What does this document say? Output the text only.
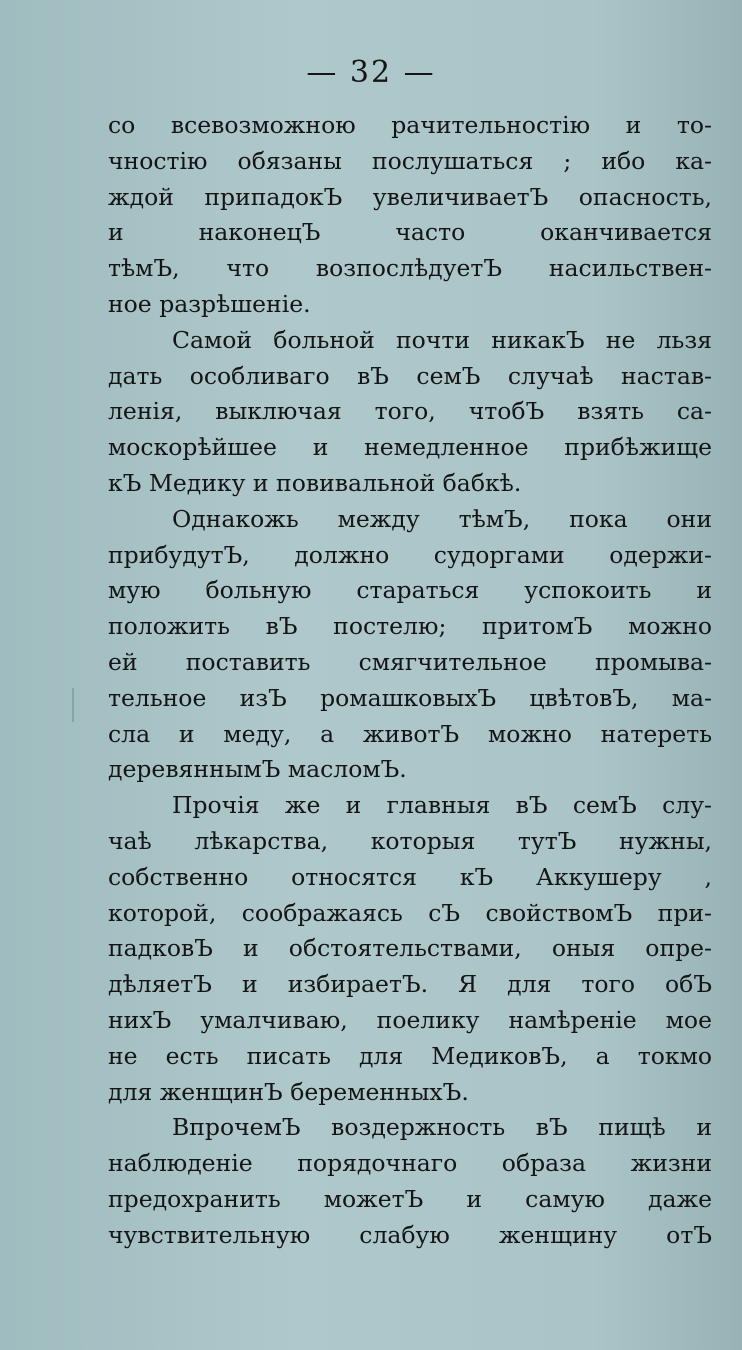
— 32 —
со всевозможною рачительностію и то-
чностію обязаны послушаться ; ибо ка-
ждой припадокЪ увеличиваетЪ опасность,
и наконецЪ часто оканчивается
тѣмЪ, что возпослѣдуетЪ насильствен-
ное разрѣшеніе.
Самой больной почти никакЪ не льзя
дать особливаго вЪ семЪ случаѣ настав-
ленія, выключая того, чтобЪ взять са-
мoскорѣйшее и немедленное прибѣжище
кЪ Медику и повивальной бабкѣ.
Однакожь между тѣмЪ, пока они
прибудутЪ, должно судоргами одержи-
мую больную стараться успокоить и
положить вЪ постелю; притомЪ можно
ей поставить смягчительное промыва-
тельное изЪ ромашковыхЪ цвѣтовЪ, ма-
сла и меду, а животЪ можно натереть
деревяннымЪ масломЪ.
Прочія же и главныя вЪ семЪ слу-
чаѣ лѣкарства, которыя тутЪ нужны,
собственно относятся кЪ Аккушеру ,
которой, соображаясь сЪ свойствомЪ при-
падковЪ и обстоятельствами, оныя опре-
дѣляетЪ и избираетЪ. Я для того обЪ
нихЪ умалчиваю, поелику намѣреніе мое
не есть писать для МедиковЪ, а токмо
для женщинЪ беременныхЪ.
ВпрочемЪ воздержность вЪ пищѣ и
наблюденіе порядочнаго образа жизни
предохранить можетЪ и самую даже
чувствительную слабую женщину отЪ
